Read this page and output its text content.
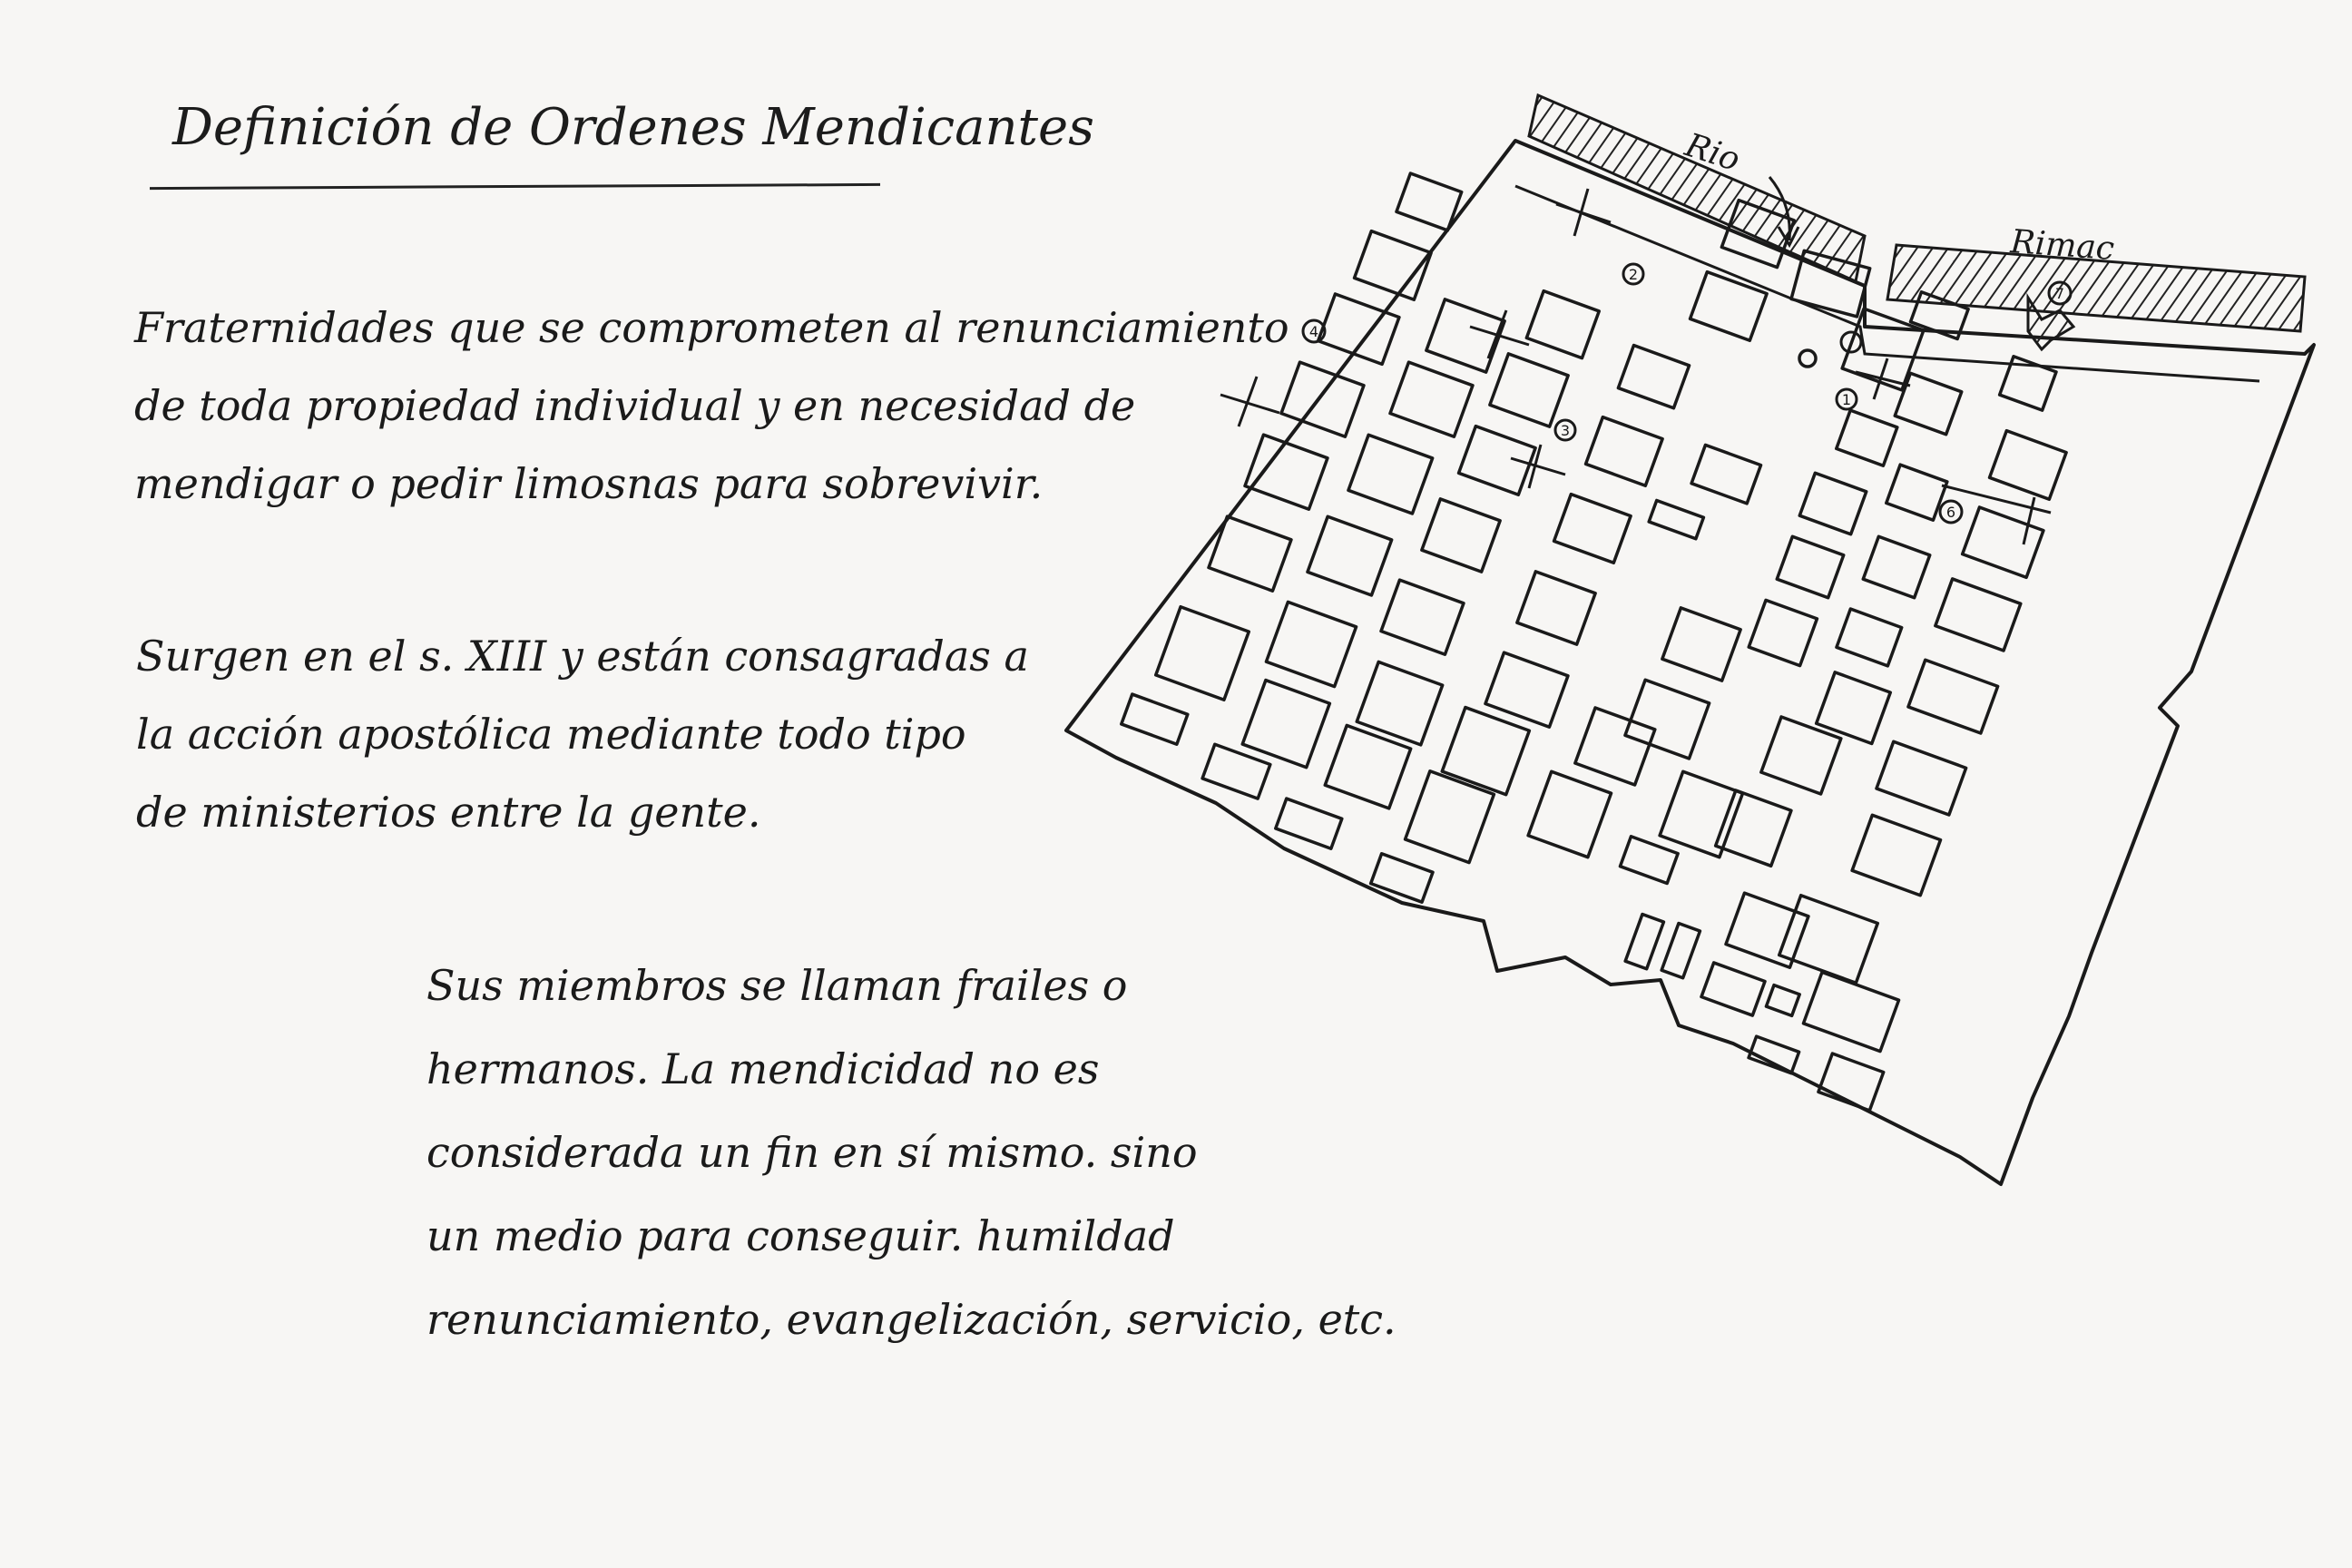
Definición de Ordenes Mendicantes
Fraternidades que se comprometen al renunciamiento
de toda propiedad individual y en necesidad de
mendigar o pedir limosnas para sobrevivir.
Surgen en el s. XIII y están consagradas a
la acción apostólica mediante todo tipo
de ministerios entre la gente.
Sus miembros se llaman frailes o
hermanos. La mendicidad no es
considerada un fin en sí mismo. sino
un medio para conseguir. humildad
renunciamiento, evangelización, servicio, etc.
Rio
Rimac
2
1
4
3
6
7
